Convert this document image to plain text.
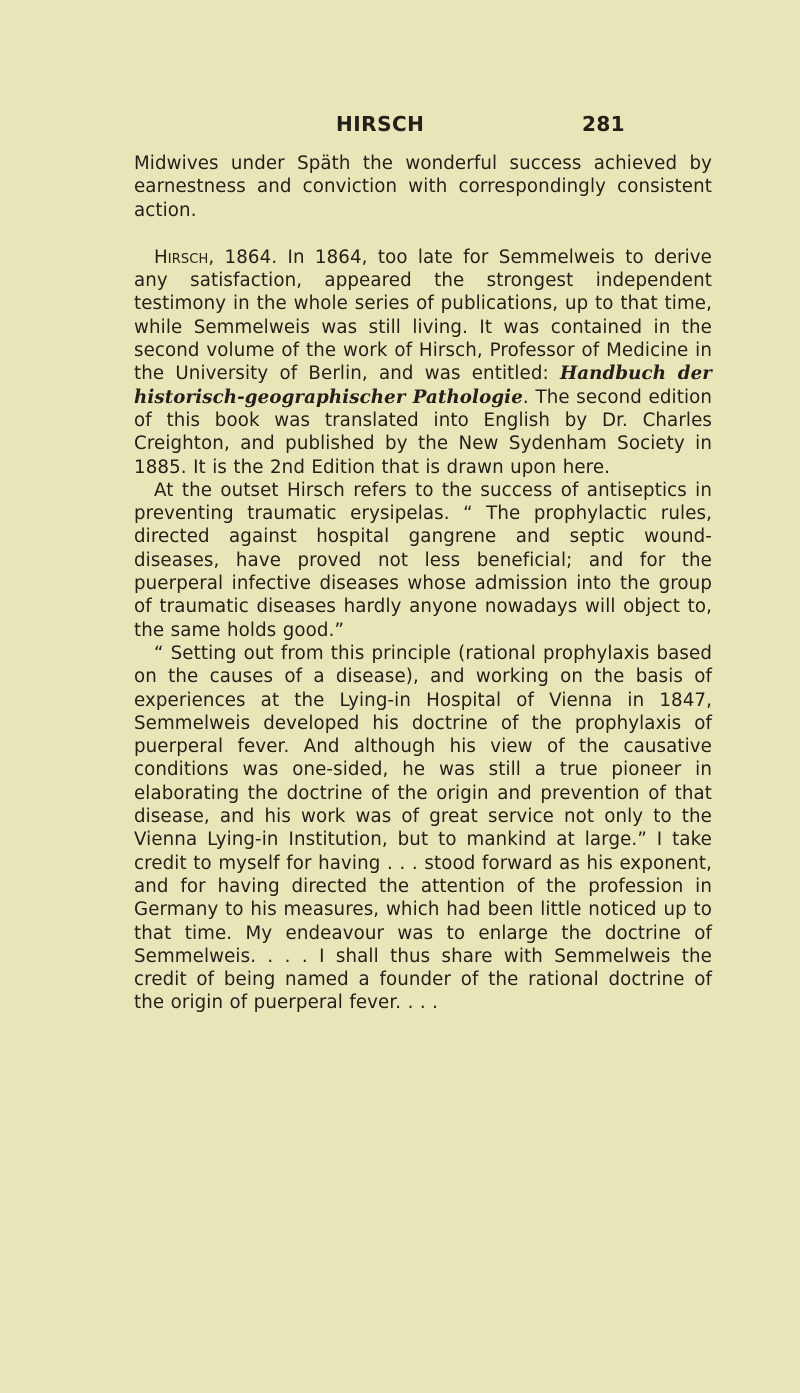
HIRSCH	281

Midwives under Späth the wonderful success achieved by earnestness and conviction with correspondingly consistent action.

Hirsch, 1864. In 1864, too late for Semmelweis to derive any satisfaction, appeared the strongest independent testimony in the whole series of publications, up to that time, while Semmelweis was still living. It was contained in the second volume of the work of Hirsch, Professor of Medicine in the University of Berlin, and was entitled: Handbuch der historisch-geographischer Pathologie. The second edition of this book was translated into English by Dr. Charles Creighton, and published by the New Sydenham Society in 1885. It is the 2nd Edition that is drawn upon here.

At the outset Hirsch refers to the success of antiseptics in preventing traumatic erysipelas. “ The prophylactic rules, directed against hospital gangrene and septic wound-diseases, have proved not less beneficial; and for the puerperal infective diseases whose admission into the group of traumatic diseases hardly anyone nowadays will object to, the same holds good.”

“ Setting out from this principle (rational prophylaxis based on the causes of a disease), and working on the basis of experiences at the Lying-in Hospital of Vienna in 1847, Semmelweis developed his doctrine of the prophylaxis of puerperal fever. And although his view of the causative conditions was one-sided, he was still a true pioneer in elaborating the doctrine of the origin and prevention of that disease, and his work was of great service not only to the Vienna Lying-in Institution, but to mankind at large.” I take credit to myself for having . . . stood forward as his exponent, and for having directed the attention of the profession in Germany to his measures, which had been little noticed up to that time. My endeavour was to enlarge the doctrine of Semmelweis. . . . I shall thus share with Semmelweis the credit of being named a founder of the rational doctrine of the origin of puerperal fever. . . .
